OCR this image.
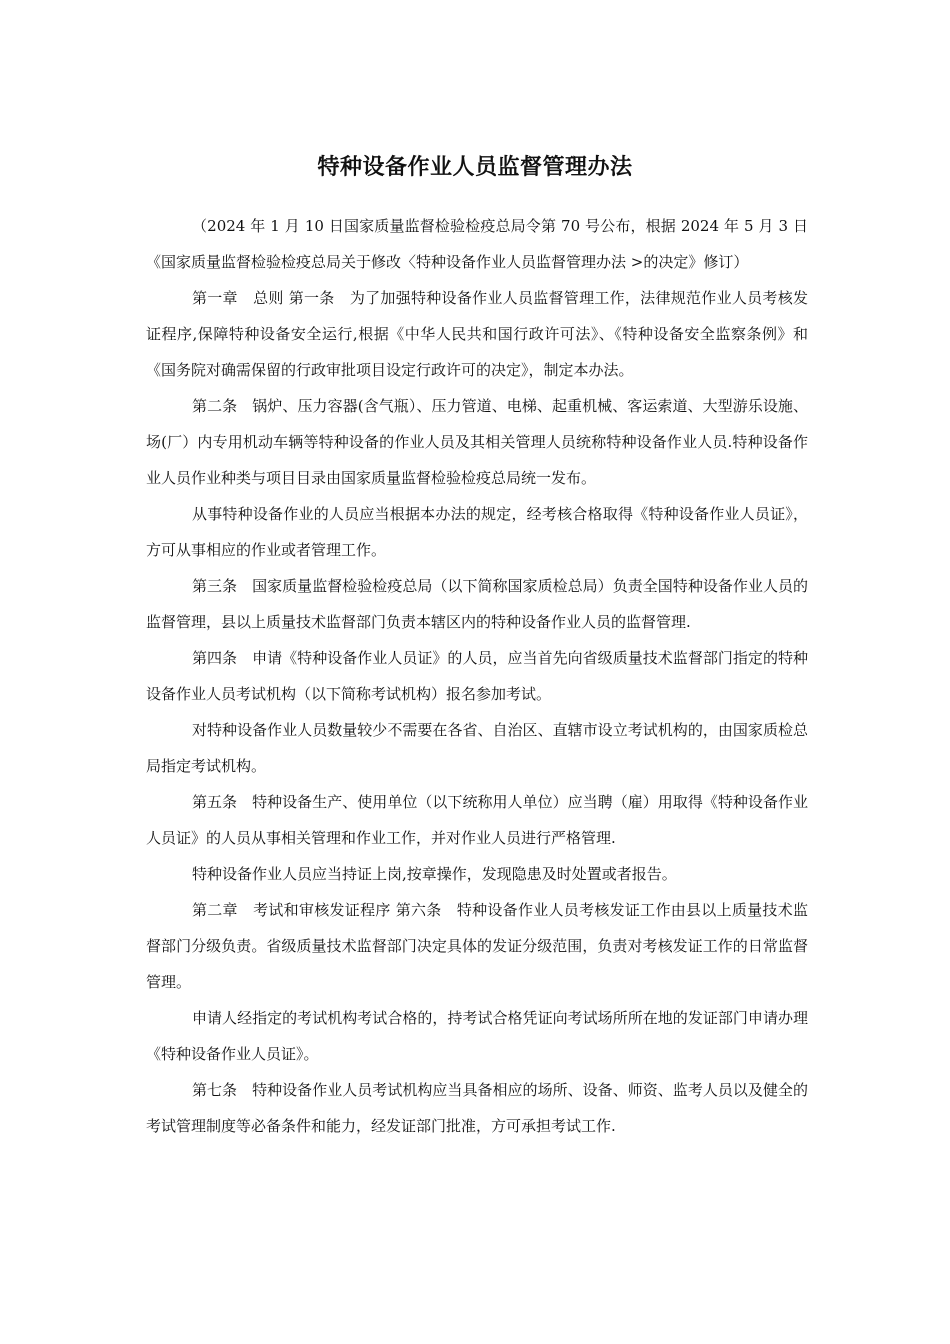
特种设备作业人员监督管理办法

（2024 年 1 月 10 日国家质量监督检验检疫总局令第 70 号公布，根据 2024 年 5 月 3 日《国家质量监督检验检疫总局关于修改〈特种设备作业人员监督管理办法 >的决定》修订）

第一章　总则 第一条　为了加强特种设备作业人员监督管理工作，法律规范作业人员考核发证程序,保障特种设备安全运行,根据《中华人民共和国行政许可法》、《特种设备安全监察条例》和《国务院对确需保留的行政审批项目设定行政许可的决定》，制定本办法。

第二条　锅炉、压力容器(含气瓶）、压力管道、电梯、起重机械、客运索道、大型游乐设施、场(厂）内专用机动车辆等特种设备的作业人员及其相关管理人员统称特种设备作业人员.特种设备作业人员作业种类与项目目录由国家质量监督检验检疫总局统一发布。

从事特种设备作业的人员应当根据本办法的规定，经考核合格取得《特种设备作业人员证》，方可从事相应的作业或者管理工作。

第三条　国家质量监督检验检疫总局（以下简称国家质检总局）负责全国特种设备作业人员的监督管理，县以上质量技术监督部门负责本辖区内的特种设备作业人员的监督管理.

第四条　申请《特种设备作业人员证》的人员，应当首先向省级质量技术监督部门指定的特种设备作业人员考试机构（以下简称考试机构）报名参加考试。

对特种设备作业人员数量较少不需要在各省、自治区、直辖市设立考试机构的，由国家质检总局指定考试机构。

第五条　特种设备生产、使用单位（以下统称用人单位）应当聘（雇）用取得《特种设备作业人员证》的人员从事相关管理和作业工作，并对作业人员进行严格管理.

特种设备作业人员应当持证上岗,按章操作，发现隐患及时处置或者报告。

第二章　考试和审核发证程序 第六条　特种设备作业人员考核发证工作由县以上质量技术监督部门分级负责。省级质量技术监督部门决定具体的发证分级范围，负责对考核发证工作的日常监督管理。

申请人经指定的考试机构考试合格的，持考试合格凭证向考试场所所在地的发证部门申请办理《特种设备作业人员证》。

第七条　特种设备作业人员考试机构应当具备相应的场所、设备、师资、监考人员以及健全的考试管理制度等必备条件和能力，经发证部门批准，方可承担考试工作.
